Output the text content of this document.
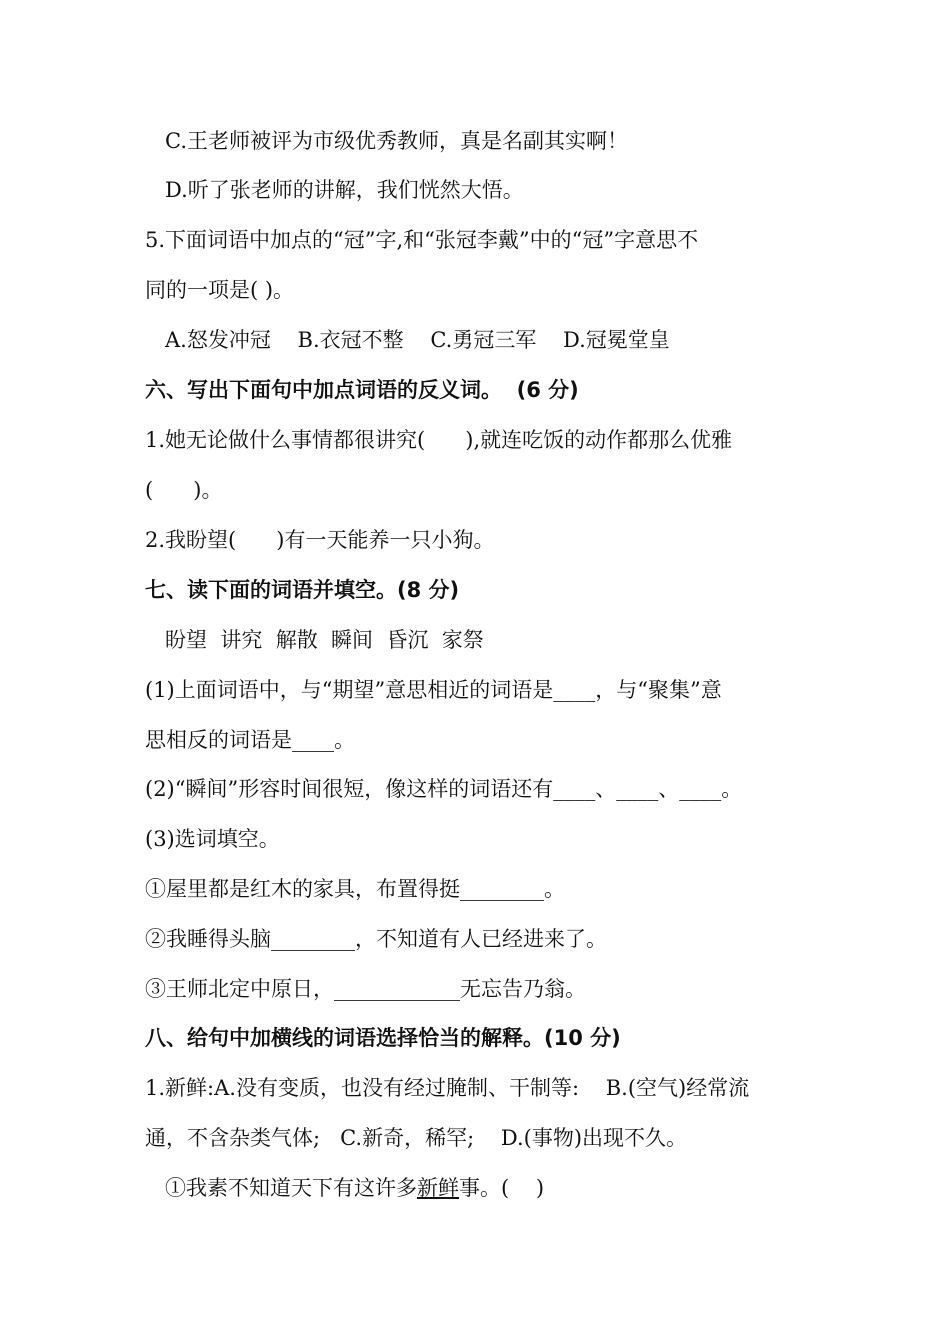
C.王老师被评为市级优秀教师，真是名副其实啊！
D.听了张老师的讲解，我们恍然大悟。
5.下面词语中加点的“冠”字,和“张冠李戴”中的“冠”字意思不
同的一项是( )。
A.怒发冲冠    B.衣冠不整    C.勇冠三军    D.冠冕堂皇
六、写出下面句中加点词语的反义词。  (6 分)
1.她无论做什么事情都很讲究(      ),就连吃饭的动作都那么优雅
(      )。
2.我盼望(      )有一天能养一只小狗。
七、读下面的词语并填空。(8 分)
盼望  讲究  解散  瞬间  昏沉  家祭
(1)上面词语中，与“期望”意思相近的词语是____，与“聚集”意
思相反的词语是____。
(2)“瞬间”形容时间很短，像这样的词语还有____、____、____。
(3)选词填空。
①屋里都是红木的家具，布置得挺________。
②我睡得头脑________，不知道有人已经进来了。
③王师北定中原日，____________无忘告乃翁。
八、给句中加横线的词语选择恰当的解释。(10 分)
1.新鲜:A.没有变质，也没有经过腌制、干制等:    B.(空气)经常流
通，不含杂类气体;   C.新奇，稀罕;    D.(事物)出现不久。
①我素不知道天下有这许多新鲜事。(    )
